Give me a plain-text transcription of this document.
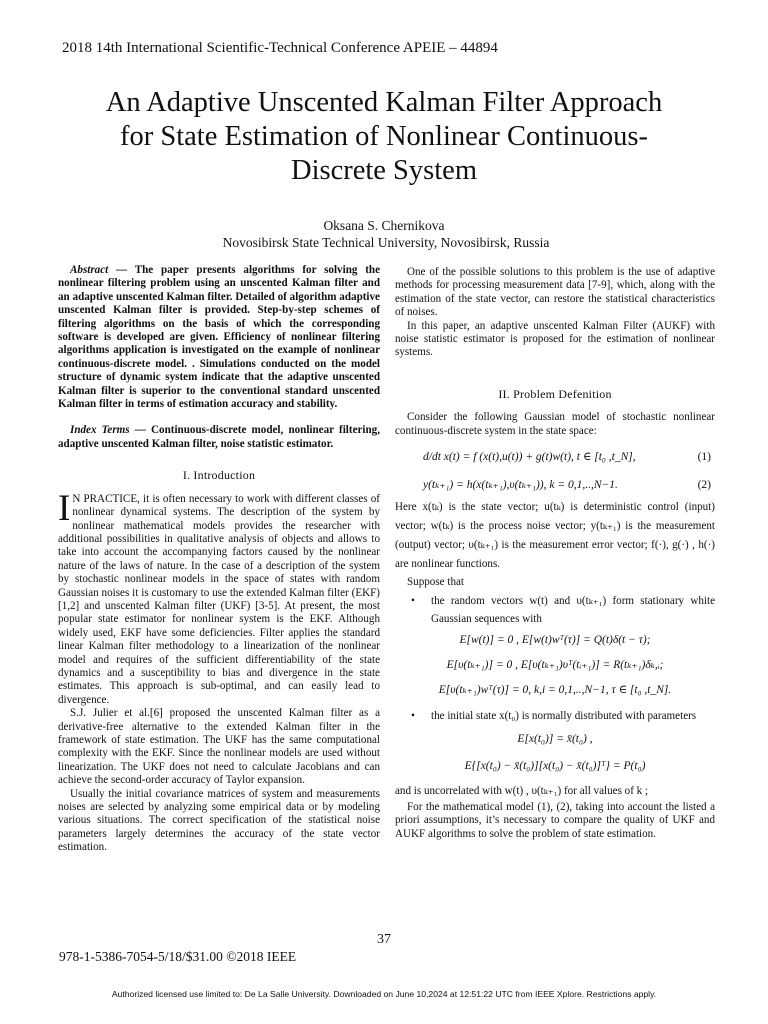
2018 14th International Scientific-Technical Conference APEIE – 44894
An Adaptive Unscented Kalman Filter Approach
for State Estimation of Nonlinear Continuous-
Discrete System
Oksana S. Chernikova
Novosibirsk State Technical University, Novosibirsk, Russia

Abstract — The paper presents algorithms for solving the nonlinear filtering problem using an unscented Kalman filter and an adaptive unscented Kalman filter. Detailed of algorithm adaptive unscented Kalman filter is provided. Step-by-step schemes of filtering algorithms on the basis of which the corresponding software is developed are given. Efficiency of nonlinear filtering algorithms application is investigated on the example of nonlinear continuous-discrete model. . Simulations conducted on the model structure of dynamic system indicate that the adaptive unscented Kalman filter is superior to the conventional standard unscented Kalman filter in terms of estimation accuracy and stability.

Index Terms — Continuous-discrete model, nonlinear filtering, adaptive unscented Kalman filter, noise statistic estimator.

I. Introduction

I N PRACTICE, it is often necessary to work with different classes of nonlinear dynamical systems. The description of the system by nonlinear mathematical models provides the researcher with additional possibilities in qualitative analysis of objects and allows to take into account the accompanying factors caused by the nonlinear nature of the laws of nature. In the case of a description of the system by stochastic nonlinear models in the space of states with random Gaussian noises it is customary to use the extended Kalman filter (EKF) [1,2] and unscented Kalman filter (UKF) [3-5]. At present, the most popular state estimator for nonlinear system is the EKF. Although widely used, EKF have some deficiencies. Filter applies the standard linear Kalman filter methodology to a linearization of the nonlinear model and requires of the sufficient differentiability of the state dynamics and a susceptibility to bias and divergence in the state estimates. This approach is sub-optimal, and can easily lead to divergence.

S.J. Julier et al.[6] proposed the unscented Kalman filter as a derivative-free alternative to the extended Kalman filter in the framework of state estimation. The UKF has the same computational complexity with the EKF. Since the nonlinear models are used without linearization. The UKF does not need to calculate Jacobians and can achieve the second-order accuracy of Taylor expansion.

Usually the initial covariance matrices of system and measurements noises are selected by analyzing some empirical data or by modeling various situations. The correct specification of the statistical noise parameters largely determines the accuracy of the state vector estimation.

One of the possible solutions to this problem is the use of adaptive methods for processing measurement data [7-9], which, along with the estimation of the state vector, can restore the statistical characteristics of noises.

In this paper, an adaptive unscented Kalman Filter (AUKF) with noise statistic estimator is proposed for the estimation of nonlinear systems.

II. Problem Defenition

Consider the following Gaussian model of stochastic nonlinear continuous-discrete system in the state space:

d/dt x(t) = f (x(t),u(t)) + g(t)w(t), t ∈ [t₀ ,t_N],	(1)
y(tₖ₊₁) = h(x(tₖ₊₁),υ(tₖ₊₁)), k = 0,1,..,N−1.	(2)

Here x(tₖ) is the state vector; u(tₖ) is deterministic control (input) vector; w(tₖ) is the process noise vector; y(tₖ₊₁) is the measurement (output) vector; υ(tₖ₊₁) is the measurement error vector; f(·), g(·) , h(·) are nonlinear functions.

Suppose that

• the random vectors w(t) and υ(tₖ₊₁) form stationary white Gaussian sequences with
E[w(t)] = 0 , E[w(t)wᵀ(τ)] = Q(t)δ(t − τ);
E[υ(tₖ₊₁)] = 0 , E[υ(tₖ₊₁)υᵀ(tᵢ₊₁)] = R(tₖ₊₁)δₖ,ᵢ;
E[υ(tₖ₊₁)wᵀ(τ)] = 0, k,i = 0,1,..,N−1, τ ∈ [t₀ ,t_N].
• the initial state x(t₀) is normally distributed with parameters
E[x(t₀)] = x̄(t₀) ,
E{[x(t₀) − x̄(t₀)][x(t₀) − x̄(t₀)]ᵀ} = P(t₀)

and is uncorrelated with w(t) , υ(tₖ₊₁) for all values of k ;

For the mathematical model (1), (2), taking into account the listed a priori assumptions, it’s necessary to compare the quality of UKF and AUKF algorithms to solve the problem of state estimation.

37
978-1-5386-7054-5/18/$31.00 ©2018 IEEE
Authorized licensed use limited to: De La Salle University. Downloaded on June 10,2024 at 12:51:22 UTC from IEEE Xplore. Restrictions apply.
